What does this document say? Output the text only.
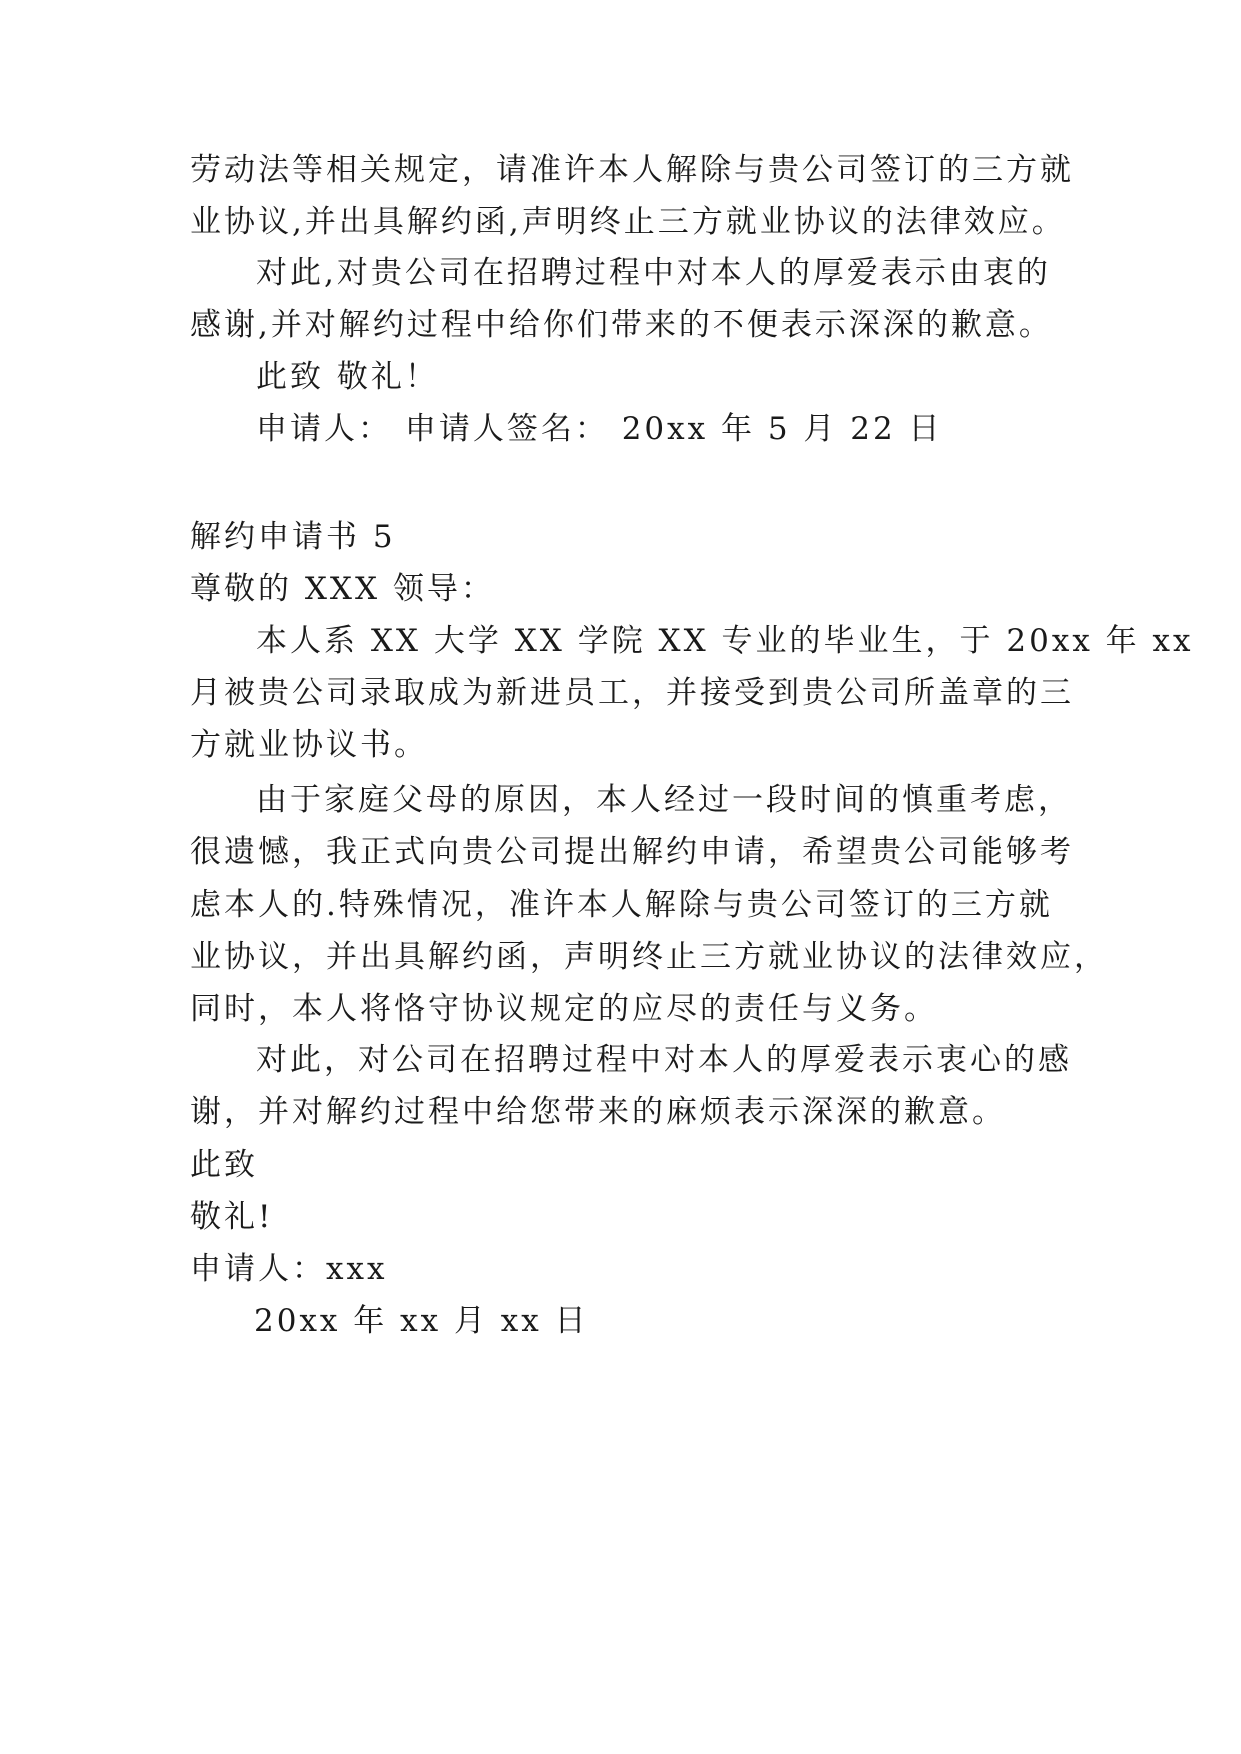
劳动法等相关规定，请准许本人解除与贵公司签订的三方就
业协议,并出具解约函,声明终止三方就业协议的法律效应。
对此,对贵公司在招聘过程中对本人的厚爱表示由衷的
感谢,并对解约过程中给你们带来的不便表示深深的歉意。
此致 敬礼！
申请人： 申请人签名： 20xx 年 5 月 22 日
解约申请书 5
尊敬的 XXX 领导：
本人系 XX 大学 XX 学院 XX 专业的毕业生，于 20xx 年 xx
月被贵公司录取成为新进员工，并接受到贵公司所盖章的三
方就业协议书。
由于家庭父母的原因，本人经过一段时间的慎重考虑，
很遗憾，我正式向贵公司提出解约申请，希望贵公司能够考
虑本人的.特殊情况，准许本人解除与贵公司签订的三方就
业协议，并出具解约函，声明终止三方就业协议的法律效应，
同时，本人将恪守协议规定的应尽的责任与义务。
对此，对公司在招聘过程中对本人的厚爱表示衷心的感
谢，并对解约过程中给您带来的麻烦表示深深的歉意。
此致
敬礼!
申请人：xxx
20xx 年 xx 月 xx 日
